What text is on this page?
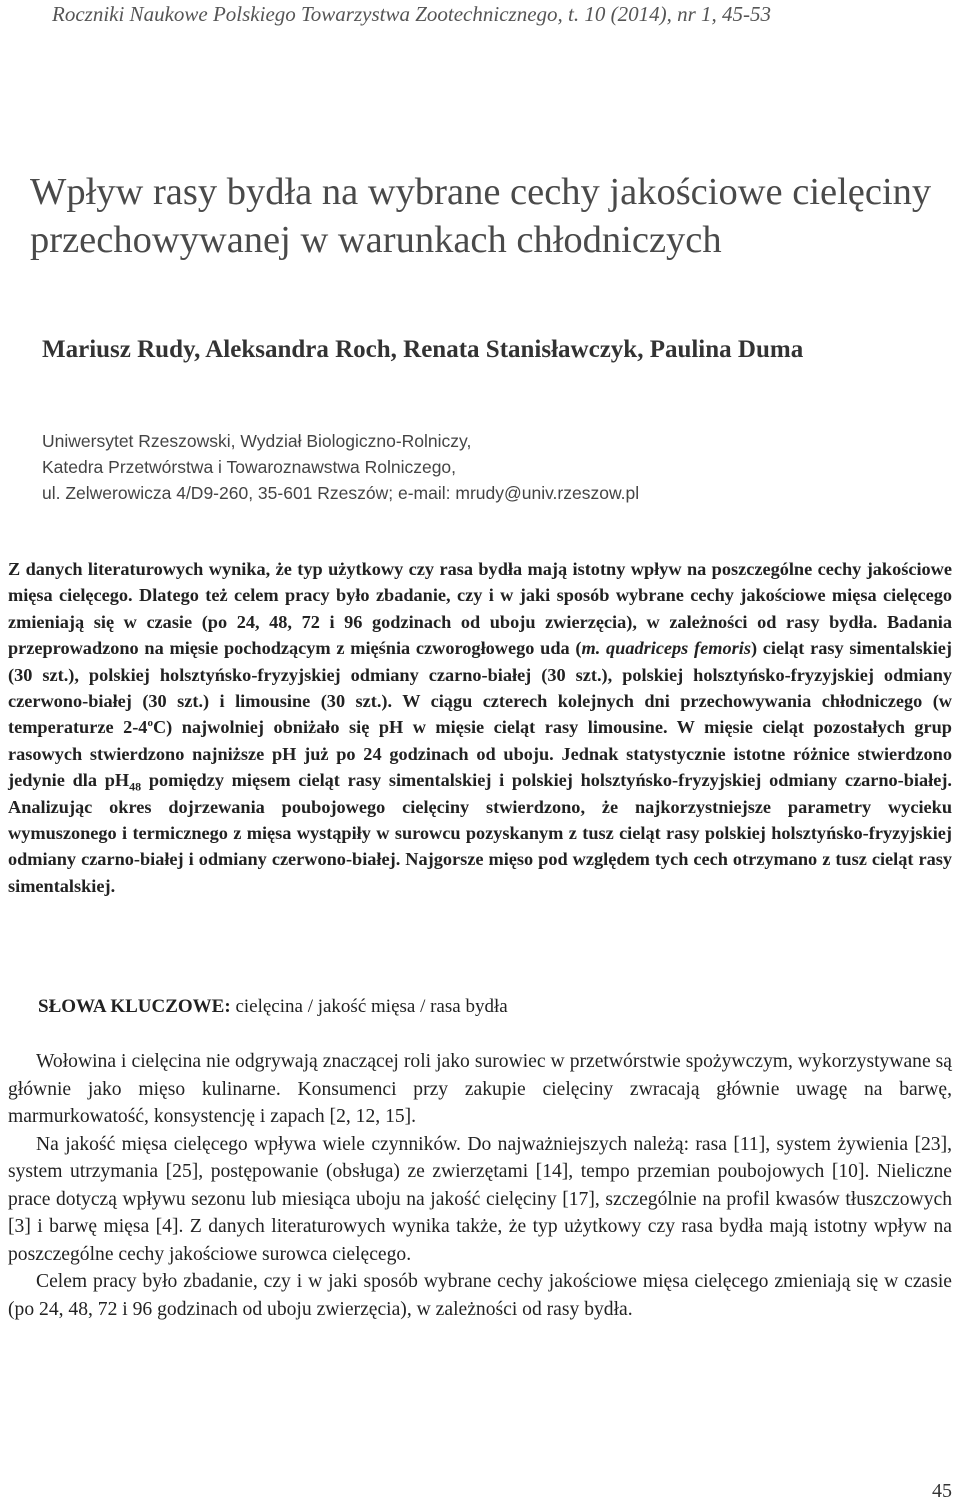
Roczniki Naukowe Polskiego Towarzystwa Zootechnicznego, t. 10 (2014), nr 1, 45-53
Wpływ rasy bydła na wybrane cechy jakościowe cielęciny przechowywanej w warunkach chłodniczych
Mariusz Rudy, Aleksandra Roch, Renata Stanisławczyk, Paulina Duma
Uniwersytet Rzeszowski, Wydział Biologiczno-Rolniczy,
Katedra Przetwórstwa i Towaroznawstwa Rolniczego,
ul. Zelwerowicza 4/D9-260, 35-601 Rzeszów; e-mail: mrudy@univ.rzeszow.pl
Z danych literaturowych wynika, że typ użytkowy czy rasa bydła mają istotny wpływ na poszczególne cechy jakościowe mięsa cielęcego. Dlatego też celem pracy było zbadanie, czy i w jaki sposób wybrane cechy jakościowe mięsa cielęcego zmieniają się w czasie (po 24, 48, 72 i 96 godzinach od uboju zwierzęcia), w zależności od rasy bydła. Badania przeprowadzono na mięsie pochodzącym z mięśnia czworogłowego uda (m. quadriceps femoris) cieląt rasy simentalskiej (30 szt.), polskiej holsztyńsko-fryzyjskiej odmiany czarno-białej (30 szt.), polskiej holsztyńsko-fryzyjskiej odmiany czerwono-białej (30 szt.) i limousine (30 szt.). W ciągu czterech kolejnych dni przechowywania chłodniczego (w temperaturze 2-4$^o$C) najwolniej obniżało się pH w mięsie cieląt rasy limousine. W mięsie cieląt pozostałych grup rasowych stwierdzono najniższe pH już po 24 godzinach od uboju. Jednak statystycznie istotne różnice stwierdzono jedynie dla $pH_{48}$ pomiędzy mięsem cieląt rasy simentalskiej i polskiej holsztyńsko-fryzyjskiej odmiany czarno-białej. Analizując okres dojrzewania poubojowego cielęciny stwierdzono, że najkorzystniejsze parametry wycieku wymuszonego i termicznego z mięsa wystąpiły w surowcu pozyskanym z tusz cieląt rasy polskiej holsztyńsko-fryzyjskiej odmiany czarno-białej i odmiany czerwono-białej. Najgorsze mięso pod względem tych cech otrzymano z tusz cieląt rasy simentalskiej.
SŁOWA KLUCZOWE: cielęcina / jakość mięsa / rasa bydła

Wołowina i cielęcina nie odgrywają znaczącej roli jako surowiec w przetwórstwie spożywczym, wykorzystywane są głównie jako mięso kulinarne. Konsumenci przy zakupie cielęciny zwracają głównie uwagę na barwę, marmurkowatość, konsystencję i zapach [2, 12, 15].

Na jakość mięsa cielęcego wpływa wiele czynników. Do najważniejszych należą: rasa [11], system żywienia [23], system utrzymania [25], postępowanie (obsługa) ze zwierzętami [14], tempo przemian poubojowych [10]. Nieliczne prace dotyczą wpływu sezonu lub miesiąca uboju na jakość cielęciny [17], szczególnie na profil kwasów tłuszczowych [3] i barwę mięsa [4]. Z danych literaturowych wynika także, że typ użytkowy czy rasa bydła mają istotny wpływ na poszczególne cechy jakościowe surowca cielęcego.

Celem pracy było zbadanie, czy i w jaki sposób wybrane cechy jakościowe mięsa cielęcego zmieniają się w czasie (po 24, 48, 72 i 96 godzinach od uboju zwierzęcia), w zależności od rasy bydła.

45
